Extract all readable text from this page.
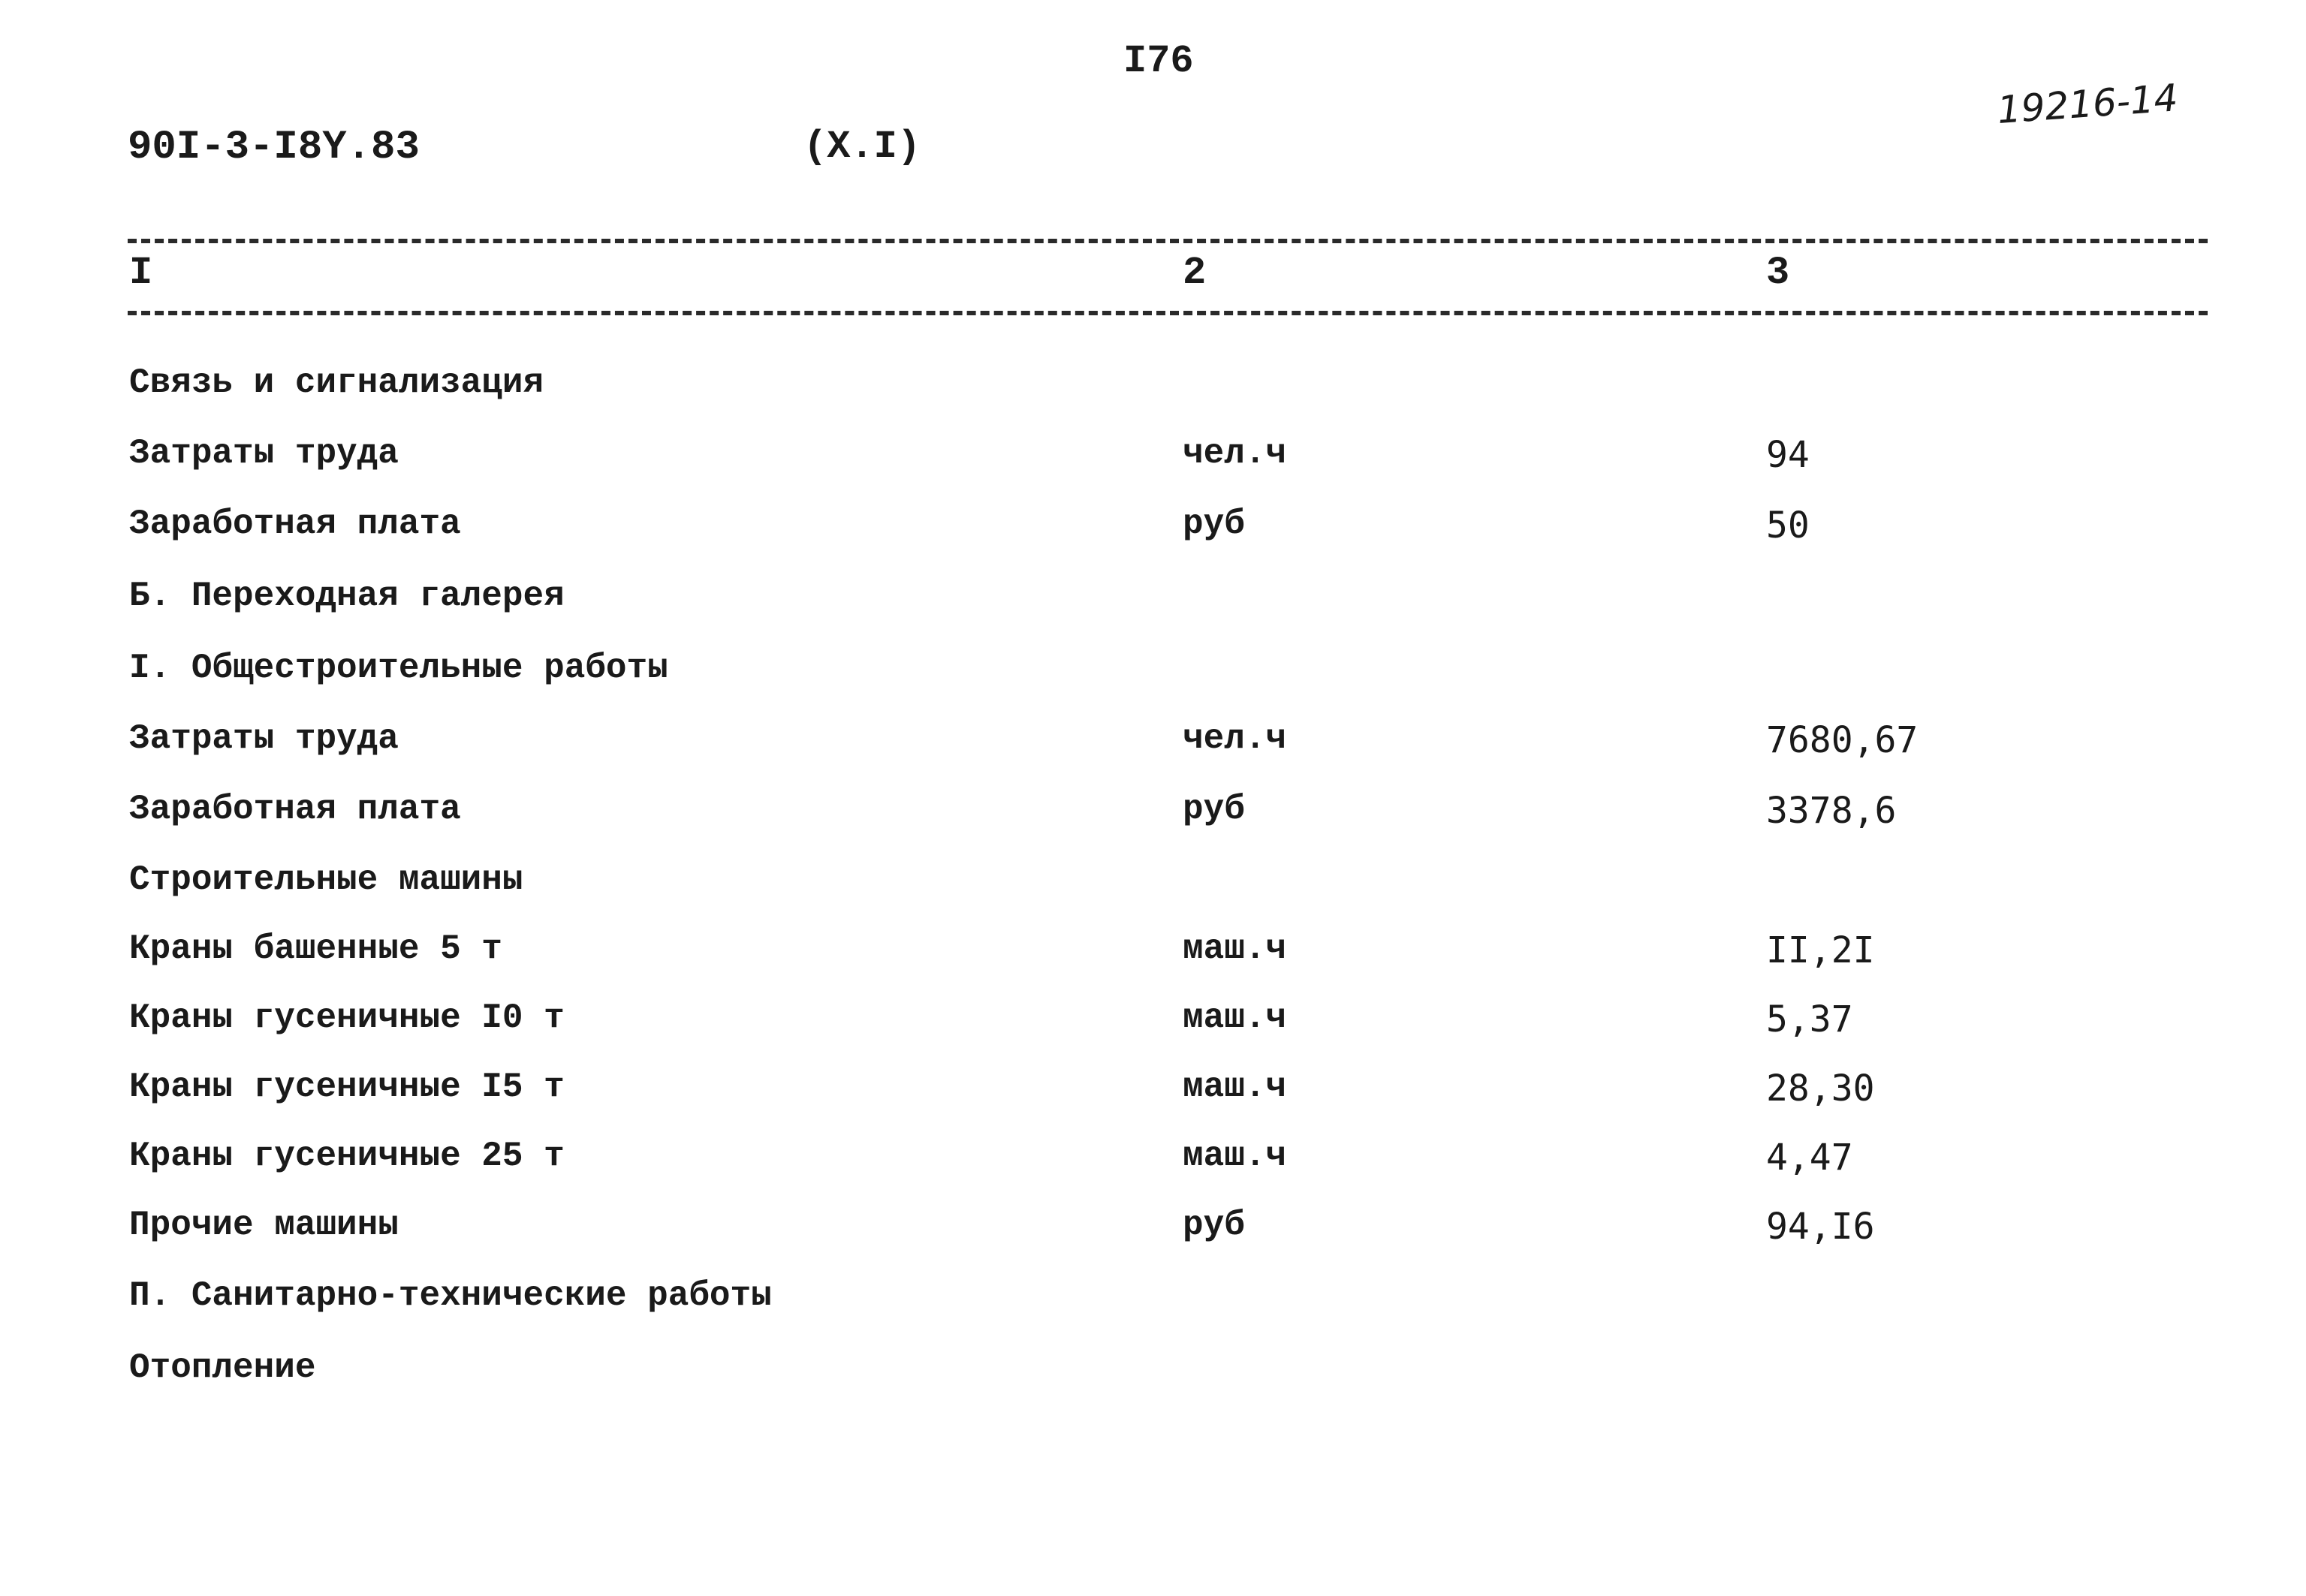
I76
90I-3-I8Y.83	(X.I)
19216-14
I	2	3
Связь и сигнализация
Затраты труда	чел.ч	94
Заработная плата	руб	50
Б. Переходная галерея
I. Общестроительные работы
Затраты труда	чел.ч	7680,67
Заработная плата	руб	3378,6
Строительные машины
Краны башенные 5 т	маш.ч	II,2I
Краны гусеничные I0 т	маш.ч	5,37
Краны гусеничные I5 т	маш.ч	28,30
Краны гусеничные 25 т	маш.ч	4,47
Прочие машины	руб	94,I6
П. Санитарно-технические работы
Отопление
